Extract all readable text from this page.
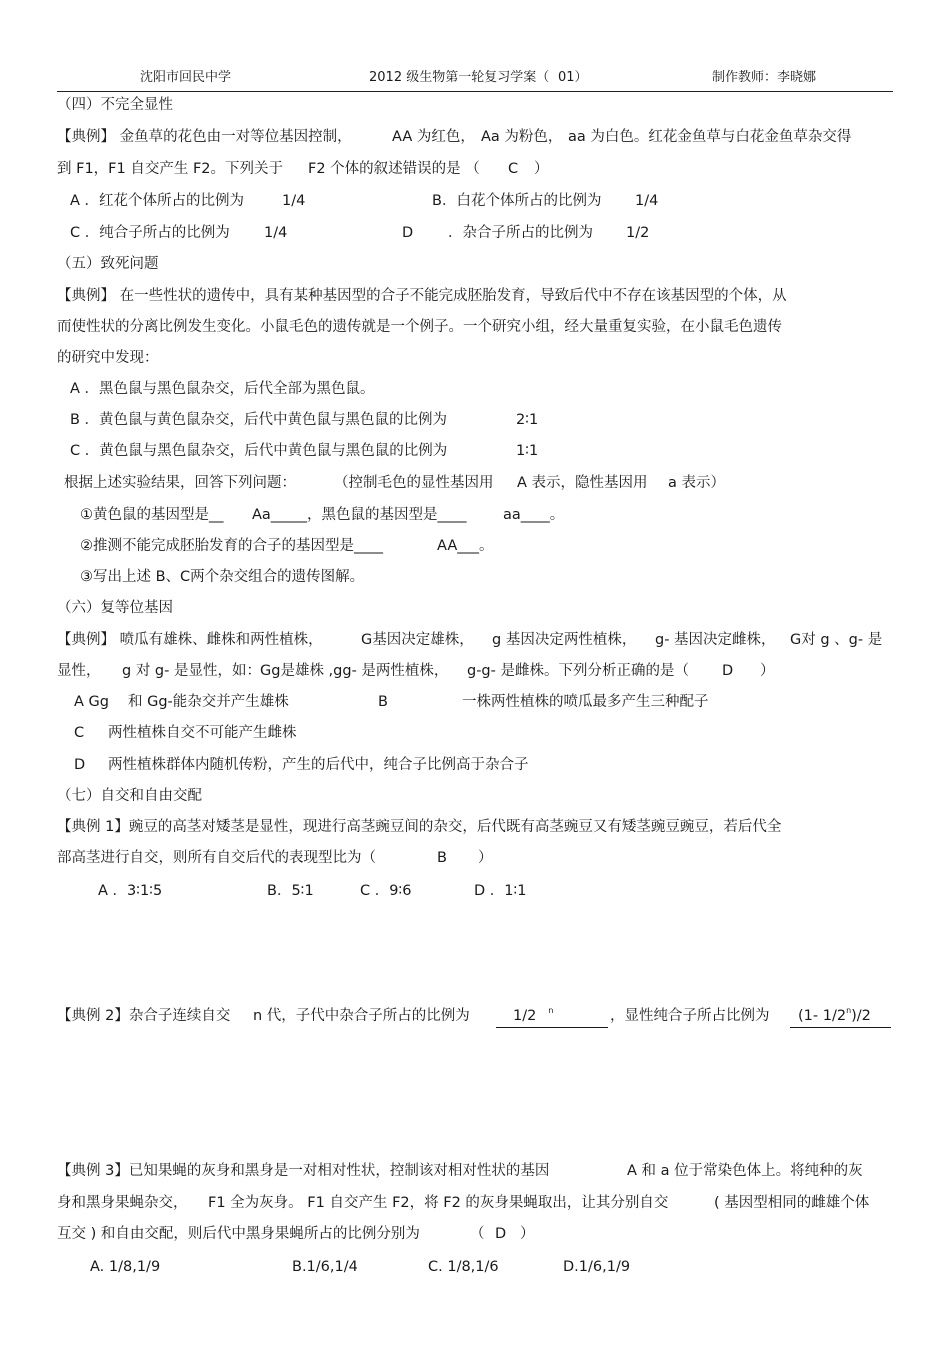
沈阳市回民中学	2012 级生物第一轮复习学案（ 01）	制作教师：李晓娜
（四）不完全显性
【典例】 金鱼草的花色由一对等位基因控制，	AA 为红色， Aa 为粉色， aa 为白色。红花金鱼草与白花金鱼草杂交得
到 F1，F1 自交产生 F2。下列关于 F2 个体的叙述错误的是 （ C ）
A ．红花个体所占的比例为	1/4	B．白花个体所占的比例为 1/4
C ．纯合子所占的比例为 1/4	D ．杂合子所占的比例为 1/2
（五）致死问题
【典例】 在一些性状的遗传中，具有某种基因型的合子不能完成胚胎发育，导致后代中不存在该基因型的个体，从
而使性状的分离比例发生变化。小鼠毛色的遗传就是一个例子。一个研究小组，经大量重复实验，在小鼠毛色遗传
的研究中发现：
A ．黑色鼠与黑色鼠杂交，后代全部为黑色鼠。
B ．黄色鼠与黄色鼠杂交，后代中黄色鼠与黑色鼠的比例为	2∶1
C ．黄色鼠与黑色鼠杂交，后代中黄色鼠与黑色鼠的比例为	1∶1
根据上述实验结果，回答下列问题：	（控制毛色的显性基因用 A 表示，隐性基因用 a 表示）
①黄色鼠的基因型是__ Aa_____，黑色鼠的基因型是____	aa____。
②推测不能完成胚胎发育的合子的基因型是____	AA___。
③写出上述 B、C两个杂交组合的遗传图解。
（六）复等位基因
【典例】 喷瓜有雄株、雌株和两性植株，	G基因决定雄株， g 基因决定两性植株， g- 基因决定雌株， G对 g 、g- 是
显性， g 对 g- 是显性，如： Gg是雄株 ,gg- 是两性植株， g-g- 是雌株。下列分析正确的是（ D ）
A Gg 和 Gg-能杂交并产生雄株	B	一株两性植株的喷瓜最多产生三种配子
C 两性植株自交不可能产生雌株
D 两性植株群体内随机传粉，产生的后代中，纯合子比例高于杂合子
（七）自交和自由交配
【典例 1】豌豆的高茎对矮茎是显性，现进行高茎豌豆间的杂交，后代既有高茎豌豆又有矮茎豌豆豌豆，若后代全
部高茎进行自交，则所有自交后代的表现型比为（	B ）
A ．3∶1∶5	B．5∶1	C ．9∶6	D ．1∶1
【典例 2】杂合子连续自交 n 代，子代中杂合子所占的比例为	1/2 $^n$	，显性纯合子所占比例为	(1- 1/2$^n$)/2
【典例 3】已知果蝇的灰身和黑身是一对相对性状，控制该对相对性状的基因	A 和 a 位于常染色体上。将纯种的灰
身和黑身果蝇杂交， F1 全为灰身。 F1 自交产生 F2，将 F2 的灰身果蝇取出，让其分别自交	( 基因型相同的雌雄个体
互交 ) 和自由交配，则后代中黑身果蝇所占的比例分别为	（ D ）
A. 1/8,1/9	B.1/6,1/4	C. 1/8,1/6	D.1/6,1/9
